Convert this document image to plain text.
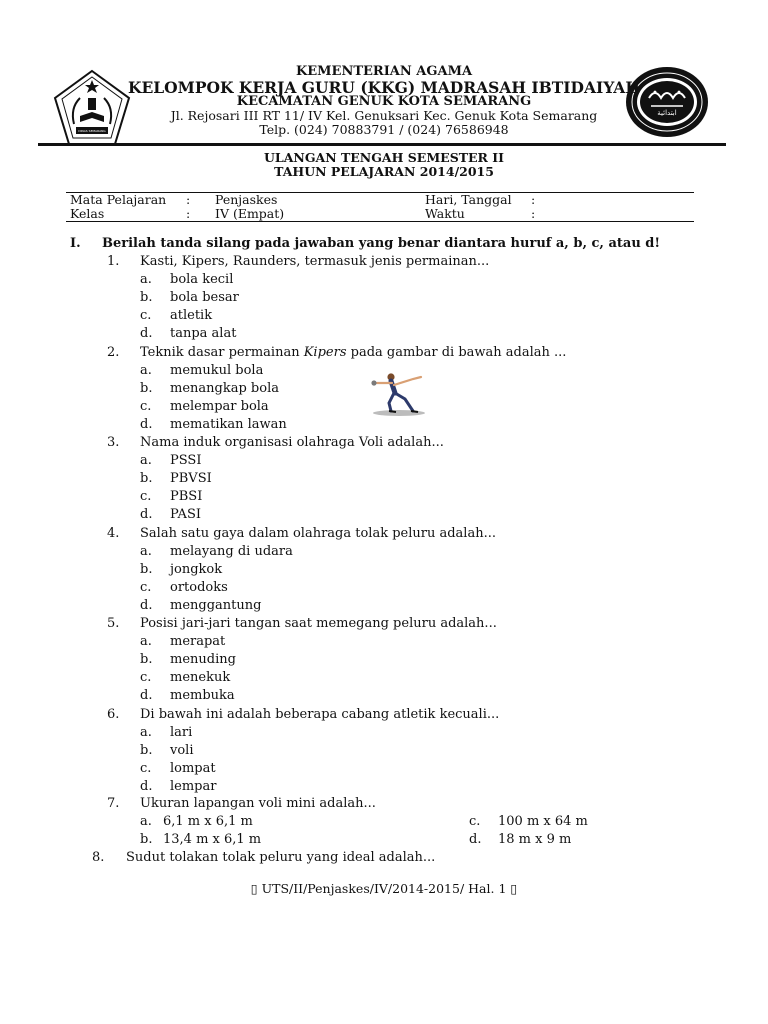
DINAS SEMARANG
ابتدائية
KEMENTERIAN AGAMA
KELOMPOK KERJA GURU (KKG) MADRASAH IBTIDAIYAH
KECAMATAN GENUK KOTA SEMARANG
Jl. Rejosari III RT 11/ IV Kel. Genuksari Kec. Genuk Kota Semarang
Telp. (024) 70883791 / (024) 76586948
ULANGAN TENGAH SEMESTER II
TAHUN PELAJARAN 2014/2015
Mata Pelajaran : Penjaskes	Hari, Tanggal :
Kelas	: IV (Empat)	Waktu	:
I. Berilah tanda silang pada jawaban yang benar diantara huruf a, b, c, atau d!
1. Kasti, Kipers, Raunders, termasuk jenis permainan...
a. bola kecil
b. bola besar
c. atletik
d. tanpa alat
2. Teknik dasar permainan Kipers pada gambar di bawah adalah ...
a. memukul bola
b. menangkap bola
c. melempar bola
d. mematikan lawan
3. Nama induk organisasi olahraga Voli adalah...
a. PSSI
b. PBVSI
c. PBSI
d. PASI
4. Salah satu gaya dalam olahraga tolak peluru adalah...
a. melayang di udara
b. jongkok
c. ortodoks
d. menggantung
5. Posisi jari-jari tangan saat memegang peluru adalah...
a. merapat
b. menuding
c. menekuk
d. membuka
6. Di bawah ini adalah beberapa cabang atletik kecuali...
a. lari
b. voli
c. lompat
d. lempar
7. Ukuran lapangan voli mini adalah...
a. 6,1 m x 6,1 m
b. 13,4 m x 6,1 m
c. 100 m x 64 m
d. 18 m x 9 m
8. Sudut tolakan tolak peluru yang ideal adalah...
▯ UTS/II/Penjaskes/IV/2014-2015/ Hal. 1 ▯
